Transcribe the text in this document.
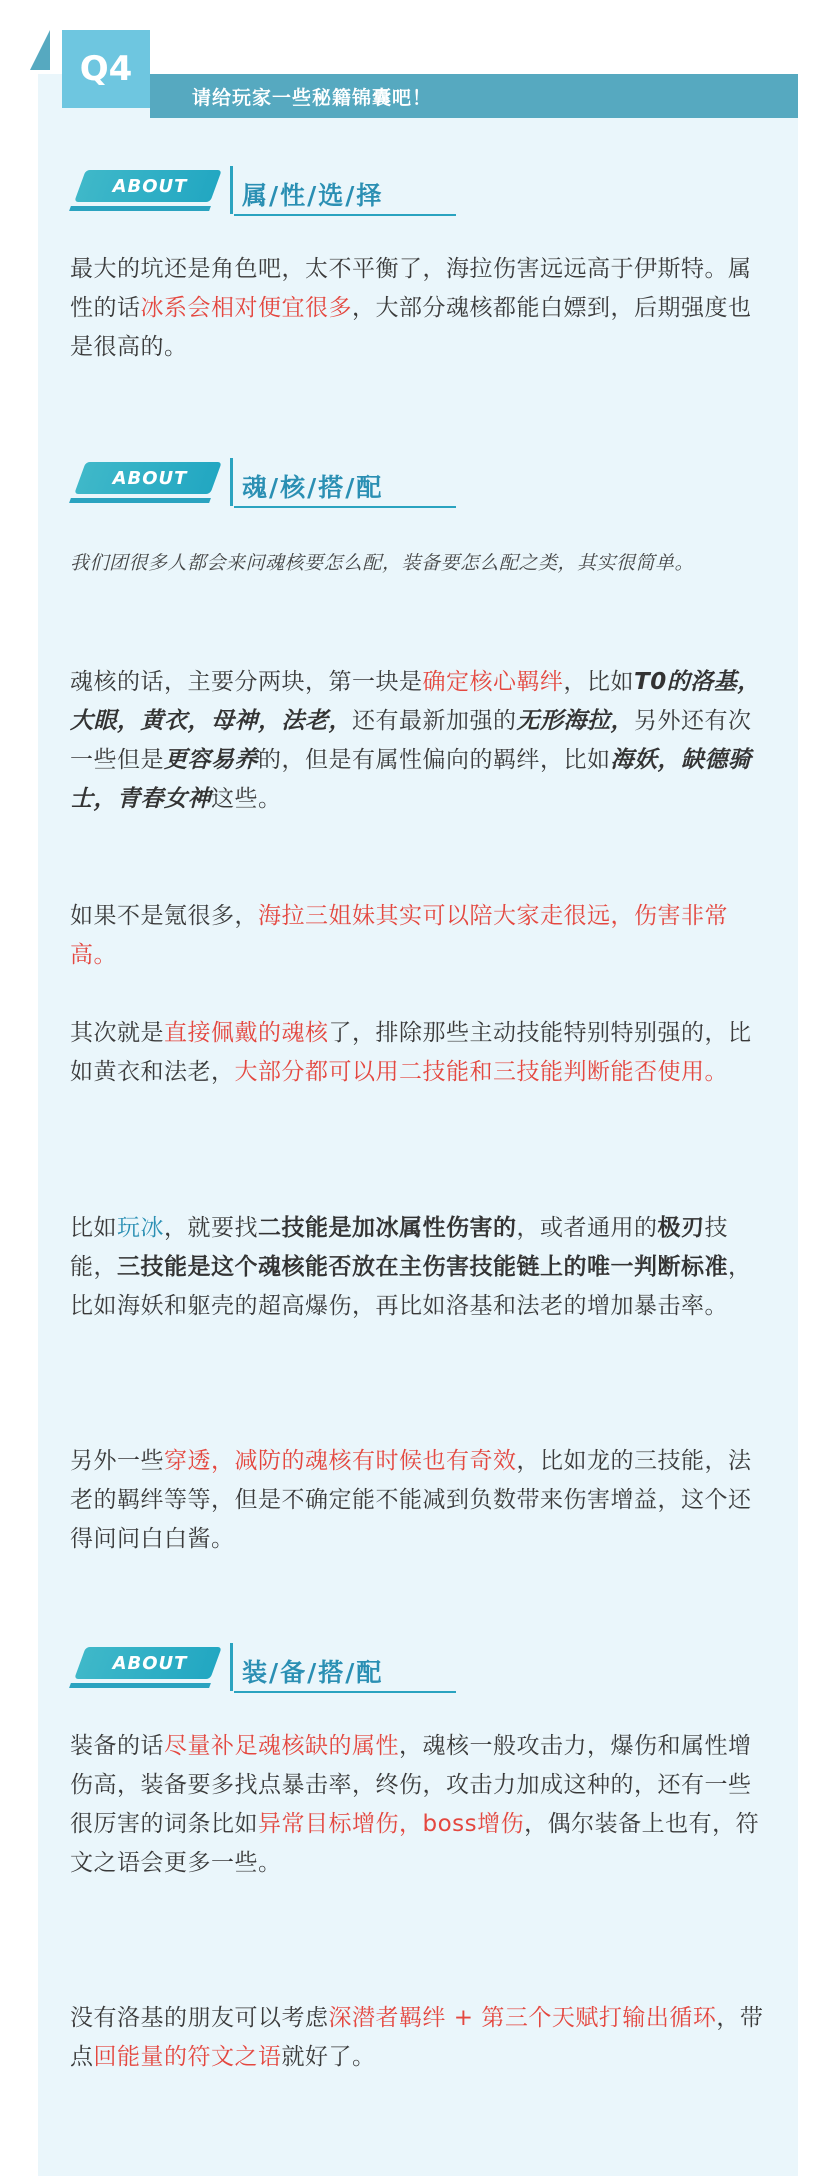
Q4
请给玩家一些秘籍锦囊吧！
ABOUT	属/性/选/择

最大的坑还是角色吧，太不平衡了，海拉伤害远远高于伊斯特。属性的话冰系会相对便宜很多，大部分魂核都能白嫖到，后期强度也是很高的。

ABOUT	魂/核/搭/配

我们团很多人都会来问魂核要怎么配，装备要怎么配之类，其实很简单。

魂核的话，主要分两块，第一块是确定核心羁绊，比如T0的洛基，大眼，黄衣，母神，法老，还有最新加强的无形海拉，另外还有次一些但是更容易养的，但是有属性偏向的羁绊，比如海妖，缺德骑士，青春女神这些。

如果不是氪很多，海拉三姐妹其实可以陪大家走很远，伤害非常高。

其次就是直接佩戴的魂核了，排除那些主动技能特别特别强的，比如黄衣和法老，大部分都可以用二技能和三技能判断能否使用。

比如玩冰，就要找二技能是加冰属性伤害的，或者通用的极刃技能，三技能是这个魂核能否放在主伤害技能链上的唯一判断标准，比如海妖和躯壳的超高爆伤，再比如洛基和法老的增加暴击率。

另外一些穿透，减防的魂核有时候也有奇效，比如龙的三技能，法老的羁绊等等，但是不确定能不能减到负数带来伤害增益，这个还得问问白白酱。

ABOUT	装/备/搭/配

装备的话尽量补足魂核缺的属性，魂核一般攻击力，爆伤和属性增伤高，装备要多找点暴击率，终伤，攻击力加成这种的，还有一些很厉害的词条比如异常目标增伤，boss增伤，偶尔装备上也有，符文之语会更多一些。

没有洛基的朋友可以考虑深潜者羁绊 + 第三个天赋打输出循环，带点回能量的符文之语就好了。
